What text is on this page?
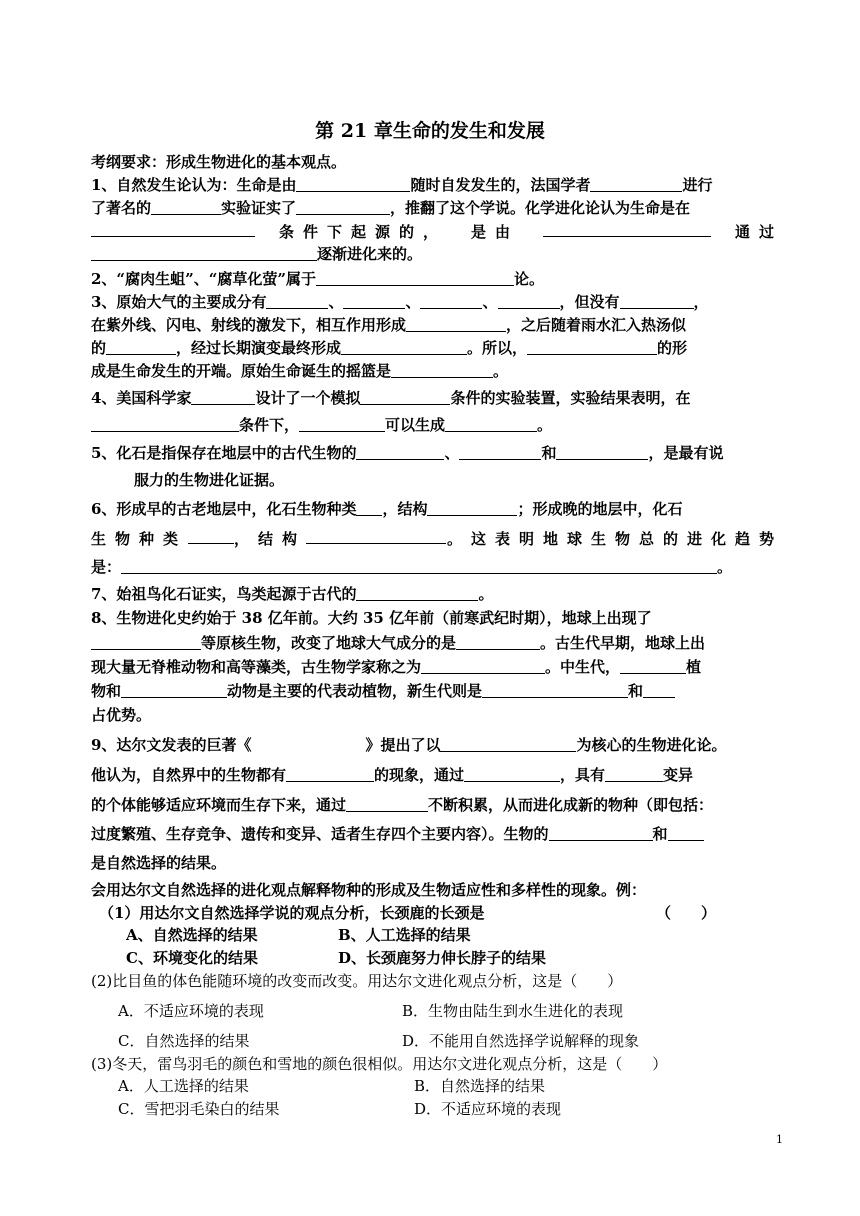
第 21 章生命的发生和发展
考纲要求：形成生物进化的基本观点。
1、自然发生论认为：生命是由	随时自发发生的，法国学者	进行
了著名的	实验证实了	，推翻了这个学说。化学进化论认为生命是在
条件下起源的， 是由	通过
逐渐进化来的。
2、“腐肉生蛆”、“腐草化萤”属于	论。
3、原始大气的主要成分有	、	、	、	，但没有	，
在紫外线、闪电、射线的激发下，相互作用形成	，之后随着雨水汇入热汤似
的	，经过长期演变最终形成	。所以，	的形
成是生命发生的开端。原始生命诞生的摇篮是	。
4、美国科学家	设计了一个模拟	条件的实验装置，实验结果表明，在
条件下，	可以生成	。
5、化石是指保存在地层中的古代生物的	、	和	，是最有说
服力的生物进化证据。
6、形成早的古老地层中，化石生物种类 ，结构	；形成晚的地层中，化石
生物种类	，结构	。这表明地球生物总的进化趋势
是：	。
7、始祖鸟化石证实，鸟类起源于古代的	。
8、生物进化史约始于 38 亿年前。大约 35 亿年前（前寒武纪时期），地球上出现了
等原核生物，改变了地球大气成分的是	。古生代早期，地球上出
现大量无脊椎动物和高等藻类，古生物学家称之为	。中生代，	植
物和	动物是主要的代表动植物，新生代则是	和
占优势。
9、达尔文发表的巨著《	》提出了以	为核心的生物进化论。
他认为，自然界中的生物都有	的现象，通过	，具有	变异
的个体能够适应环境而生存下来，通过	不断积累，从而进化成新的物种（即包括：
过度繁殖、生存竞争、遗传和变异、适者生存四个主要内容）。生物的	和
是自然选择的结果。
会用达尔文自然选择的进化观点解释物种的形成及生物适应性和多样性的现象。例：
（1）用达尔文自然选择学说的观点分析，长颈鹿的长颈是	（　　）
A、自然选择的结果	B、人工选择的结果
C、环境变化的结果	D、长颈鹿努力伸长脖子的结果
(2)比目鱼的体色能随环境的改变而改变。用达尔文进化观点分析，这是（　　）
A．不适应环境的表现	B．生物由陆生到水生进化的表现
C．自然选择的结果	D．不能用自然选择学说解释的现象
(3)冬天，雷鸟羽毛的颜色和雪地的颜色很相似。用达尔文进化观点分析，这是（　　）
A．人工选择的结果	B．自然选择的结果
C．雪把羽毛染白的结果	D．不适应环境的表现
1
